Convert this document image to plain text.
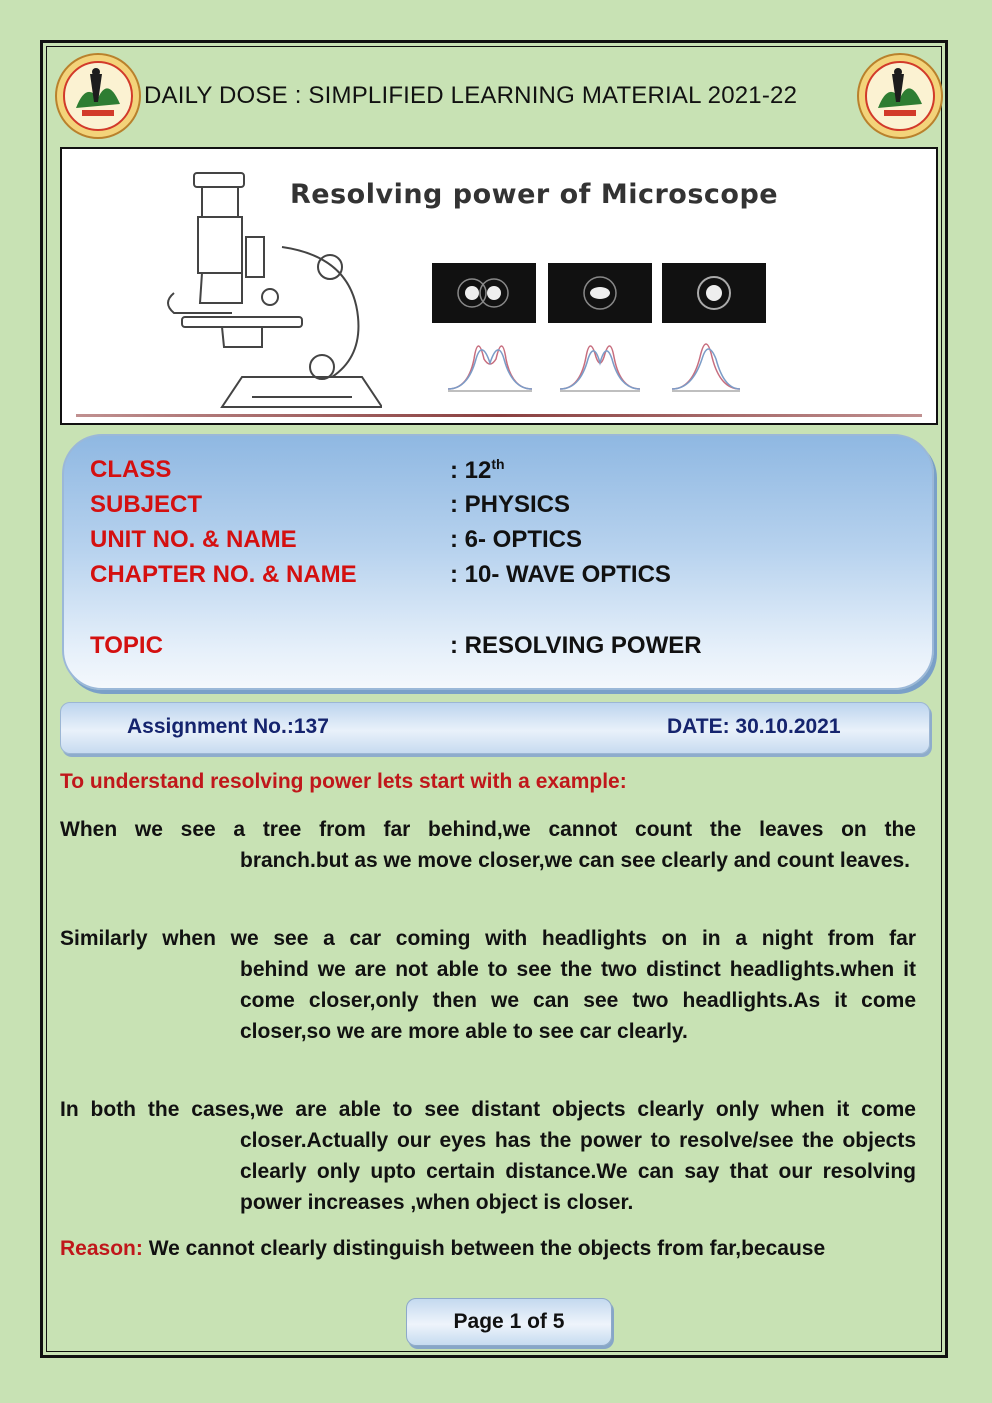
DAILY DOSE : SIMPLIFIED LEARNING MATERIAL 2021-22
Resolving power of Microscope
CLASS	: 12th
SUBJECT	: PHYSICS
UNIT NO. & NAME	: 6- OPTICS
CHAPTER NO. & NAME	: 10- WAVE OPTICS
TOPIC	: RESOLVING POWER
Assignment No.:137	DATE: 30.10.2021
To understand resolving power lets start with a example:
When we see a tree from far behind,we cannot count the leaves on the
branch.but as we move closer,we can see clearly and count leaves.
Similarly when we see a car coming with headlights on in a night from far
behind we are not able to see the two distinct headlights.when it come closer,only then we can see two headlights.As it come closer,so we are more able to see car clearly.
In both the cases,we are able to see distant objects clearly only when it come
closer.Actually our eyes has the power to resolve/see the objects clearly only upto certain distance.We can say that our resolving power increases ,when object is closer.
Reason: We cannot clearly distinguish between the objects from far,because
Page 1 of 5
